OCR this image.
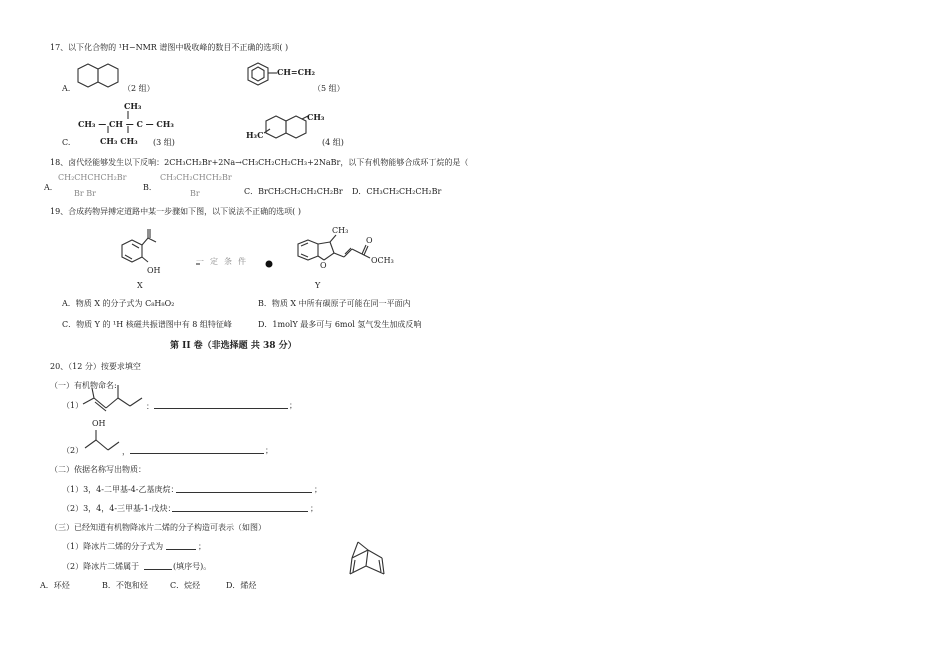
17、以下化合物的 ¹H−NMR 谱图中吸收峰的数目不正确的选项( )
A.	（2 组）
CH=CH₂
（5 组）
C.
CH₃
CH₃ — CH — C — CH₃
CH₃ CH₃ (3 组)
H₃C
CH₃
(4 组)
18、卤代烃能够发生以下反响：2CH₃CH₂Br+2Na→CH₃CH₂CH₂CH₃+2NaBr，以下有机物能够合成环丁烷的是（
A．
CH₂CHCHCH₂Br
Br Br
B．
CH₃CH₂CHCH₂Br
Br	C．BrCH₂CH₂CH₂CH₂Br D．CH₃CH₂CH₂CH₂Br
19、合成药物异搏定道路中某一步骤如下图，以下说法不正确的选项( )
OH
X
一定条件
CH₃
O
O
OCH₃
Y
A．物质 X 的分子式为 C₈H₈O₂	B．物质 X 中所有碳原子可能在同一平面内
C．物质 Y 的 ¹H 核磁共振谱图中有 8 组特征峰	D．1molY 最多可与 6mol 氢气发生加成反响
第 II 卷（非选择题 共 38 分）
20、（12 分）按要求填空
（一）有机物命名:
（1）	：	；
OH
（2）	，	；
（二）依据名称写出物质：
（1）3，4-二甲基-4-乙基庚烷：	；
（2）3，4，4-三甲基-1-戊炔：	；
（三）已经知道有机物降冰片二烯的分子构造可表示（如图）
（1）降冰片二烯的分子式为	；
（2）降冰片二烯属于	(填序号)。
A．环烃	B．不饱和烃	C．烷烃	D．烯烃
